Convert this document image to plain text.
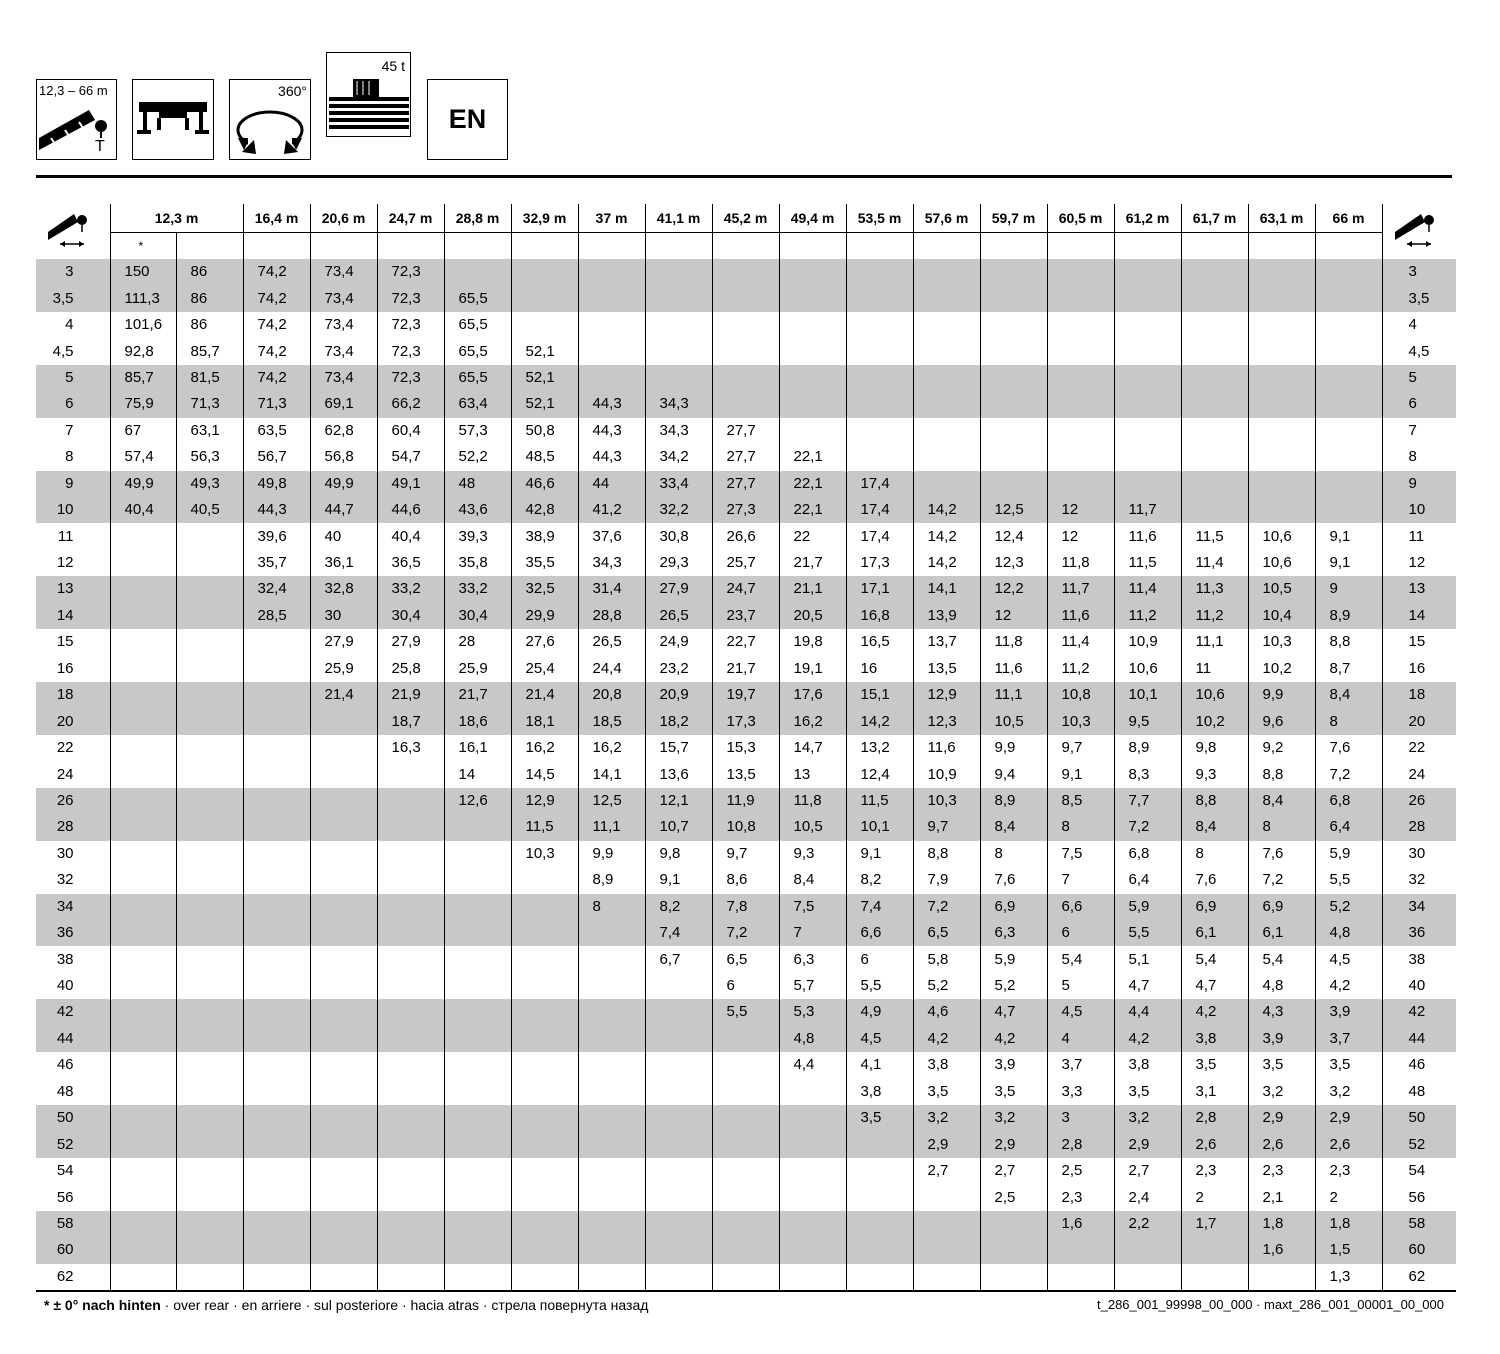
12,3 – 66 m
T
360°
45 t
EN
	12,3 m		16,4 m	20,6 m	24,7 m	28,8 m	32,9 m	37 m	41,1 m	45,2 m	49,4 m	53,5 m	57,6 m	59,7 m	60,5 m	61,2 m	61,7 m	63,1 m	66 m	
	*																			
3	150	86	74,2	73,4	72,3															3
3,5	111,3	86	74,2	73,4	72,3	65,5														3,5
4	101,6	86	74,2	73,4	72,3	65,5														4
4,5	92,8	85,7	74,2	73,4	72,3	65,5	52,1													4,5
5	85,7	81,5	74,2	73,4	72,3	65,5	52,1													5
6	75,9	71,3	71,3	69,1	66,2	63,4	52,1	44,3	34,3											6
7	67	63,1	63,5	62,8	60,4	57,3	50,8	44,3	34,3	27,7										7
8	57,4	56,3	56,7	56,8	54,7	52,2	48,5	44,3	34,2	27,7	22,1									8
9	49,9	49,3	49,8	49,9	49,1	48	46,6	44	33,4	27,7	22,1	17,4								9
10	40,4	40,5	44,3	44,7	44,6	43,6	42,8	41,2	32,2	27,3	22,1	17,4	14,2	12,5	12	11,7				10
11			39,6	40	40,4	39,3	38,9	37,6	30,8	26,6	22	17,4	14,2	12,4	12	11,6	11,5	10,6	9,1	11
12			35,7	36,1	36,5	35,8	35,5	34,3	29,3	25,7	21,7	17,3	14,2	12,3	11,8	11,5	11,4	10,6	9,1	12
13			32,4	32,8	33,2	33,2	32,5	31,4	27,9	24,7	21,1	17,1	14,1	12,2	11,7	11,4	11,3	10,5	9	13
14			28,5	30	30,4	30,4	29,9	28,8	26,5	23,7	20,5	16,8	13,9	12	11,6	11,2	11,2	10,4	8,9	14
15				27,9	27,9	28	27,6	26,5	24,9	22,7	19,8	16,5	13,7	11,8	11,4	10,9	11,1	10,3	8,8	15
16				25,9	25,8	25,9	25,4	24,4	23,2	21,7	19,1	16	13,5	11,6	11,2	10,6	11	10,2	8,7	16
18				21,4	21,9	21,7	21,4	20,8	20,9	19,7	17,6	15,1	12,9	11,1	10,8	10,1	10,6	9,9	8,4	18
20					18,7	18,6	18,1	18,5	18,2	17,3	16,2	14,2	12,3	10,5	10,3	9,5	10,2	9,6	8	20
22					16,3	16,1	16,2	16,2	15,7	15,3	14,7	13,2	11,6	9,9	9,7	8,9	9,8	9,2	7,6	22
24						14	14,5	14,1	13,6	13,5	13	12,4	10,9	9,4	9,1	8,3	9,3	8,8	7,2	24
26						12,6	12,9	12,5	12,1	11,9	11,8	11,5	10,3	8,9	8,5	7,7	8,8	8,4	6,8	26
28							11,5	11,1	10,7	10,8	10,5	10,1	9,7	8,4	8	7,2	8,4	8	6,4	28
30							10,3	9,9	9,8	9,7	9,3	9,1	8,8	8	7,5	6,8	8	7,6	5,9	30
32								8,9	9,1	8,6	8,4	8,2	7,9	7,6	7	6,4	7,6	7,2	5,5	32
34								8	8,2	7,8	7,5	7,4	7,2	6,9	6,6	5,9	6,9	6,9	5,2	34
36									7,4	7,2	7	6,6	6,5	6,3	6	5,5	6,1	6,1	4,8	36
38									6,7	6,5	6,3	6	5,8	5,9	5,4	5,1	5,4	5,4	4,5	38
40										6	5,7	5,5	5,2	5,2	5	4,7	4,7	4,8	4,2	40
42										5,5	5,3	4,9	4,6	4,7	4,5	4,4	4,2	4,3	3,9	42
44											4,8	4,5	4,2	4,2	4	4,2	3,8	3,9	3,7	44
46											4,4	4,1	3,8	3,9	3,7	3,8	3,5	3,5	3,5	46
48												3,8	3,5	3,5	3,3	3,5	3,1	3,2	3,2	48
50												3,5	3,2	3,2	3	3,2	2,8	2,9	2,9	50
52													2,9	2,9	2,8	2,9	2,6	2,6	2,6	52
54													2,7	2,7	2,5	2,7	2,3	2,3	2,3	54
56														2,5	2,3	2,4	2	2,1	2	56
58															1,6	2,2	1,7	1,8	1,8	58
60																		1,6	1,5	60
62																			1,3	62
* ± 0° nach hinten · over rear · en arriere · sul posteriore · hacia atras · стрела повернута назад	t_286_001_99998_00_000 · maxt_286_001_00001_00_000
